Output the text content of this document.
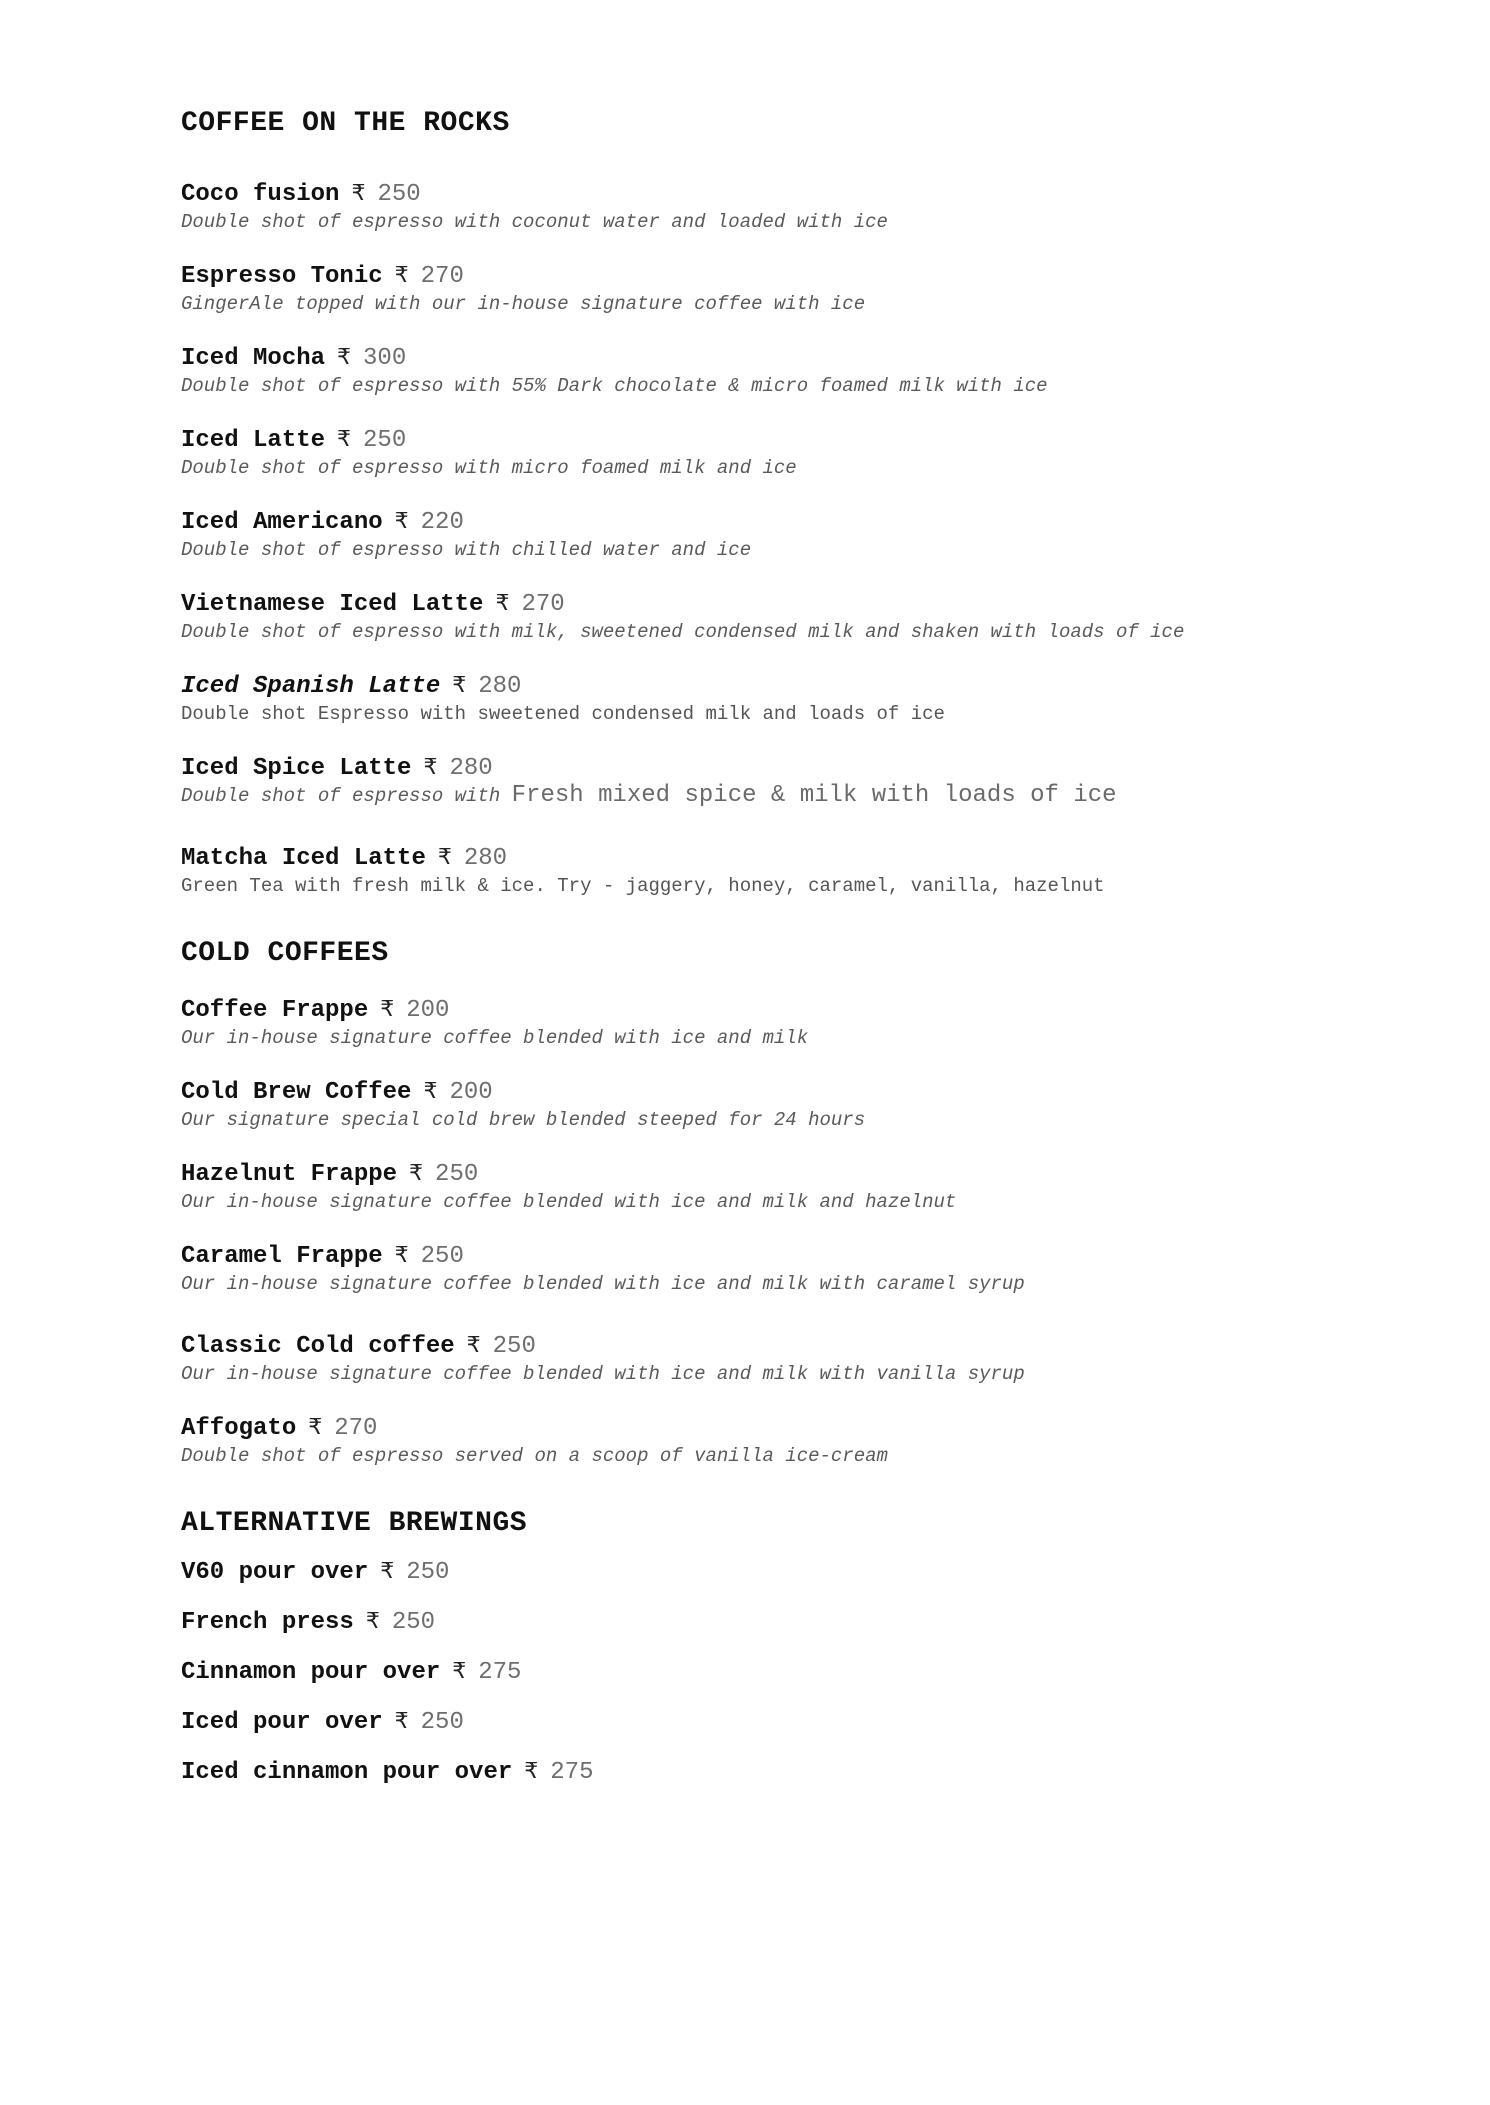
COFFEE ON THE ROCKS
Coco fusion ₹ 250
Double shot of espresso with coconut water and loaded with ice
Espresso Tonic ₹ 270
GingerAle topped with our in-house signature coffee with ice
Iced Mocha ₹ 300
Double shot of espresso with 55% Dark chocolate & micro foamed milk with ice
Iced Latte ₹ 250
Double shot of espresso with micro foamed milk and ice
Iced Americano ₹ 220
Double shot of espresso with chilled water and ice
Vietnamese Iced Latte ₹ 270
Double shot of espresso with milk, sweetened condensed milk and shaken with loads of ice
Iced Spanish Latte ₹ 280
Double shot Espresso with sweetened condensed milk and loads of ice
Iced Spice Latte ₹ 280
Double shot of espresso with Fresh mixed spice & milk with loads of ice
Matcha Iced Latte ₹ 280
Green Tea with fresh milk & ice. Try - jaggery, honey, caramel, vanilla, hazelnut
COLD COFFEES
Coffee Frappe ₹ 200
Our in-house signature coffee blended with ice and milk
Cold Brew Coffee ₹ 200
Our signature special cold brew blended steeped for 24 hours
Hazelnut Frappe ₹ 250
Our in-house signature coffee blended with ice and milk and hazelnut
Caramel Frappe ₹ 250
Our in-house signature coffee blended with ice and milk with caramel syrup
Classic Cold coffee ₹ 250
Our in-house signature coffee blended with ice and milk with vanilla syrup
Affogato ₹ 270
Double shot of espresso served on a scoop of vanilla ice-cream
ALTERNATIVE BREWINGS
V60 pour over ₹ 250
French press ₹ 250
Cinnamon pour over ₹ 275
Iced pour over ₹ 250
Iced cinnamon pour over ₹ 275
